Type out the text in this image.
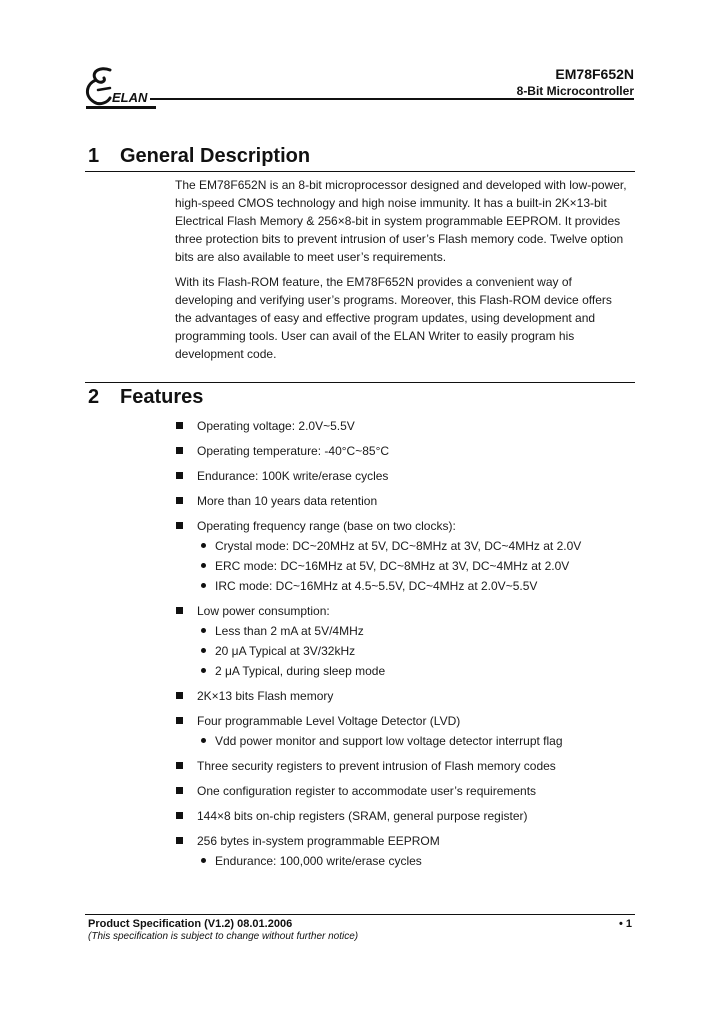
ELAN
EM78F652N
8-Bit Microcontroller
1 General Description
The EM78F652N is an 8-bit microprocessor designed and developed with low-power,
high-speed CMOS technology and high noise immunity. It has a built-in 2K×13-bit
Electrical Flash Memory & 256×8-bit in system programmable EEPROM. It provides
three protection bits to prevent intrusion of user’s Flash memory code. Twelve option
bits are also available to meet user’s requirements.
With its Flash-ROM feature, the EM78F652N provides a convenient way of
developing and verifying user’s programs. Moreover, this Flash-ROM device offers
the advantages of easy and effective program updates, using development and
programming tools. User can avail of the ELAN Writer to easily program his
development code.
2 Features
Operating voltage: 2.0V~5.5V
Operating temperature: -40°C~85°C
Endurance: 100K write/erase cycles
More than 10 years data retention
Operating frequency range (base on two clocks):
Crystal mode: DC~20MHz at 5V, DC~8MHz at 3V, DC~4MHz at 2.0V
ERC mode: DC~16MHz at 5V, DC~8MHz at 3V, DC~4MHz at 2.0V
IRC mode: DC~16MHz at 4.5~5.5V, DC~4MHz at 2.0V~5.5V
Low power consumption:
Less than 2 mA at 5V/4MHz
20 μA Typical at 3V/32kHz
2 μA Typical, during sleep mode
2K×13 bits Flash memory
Four programmable Level Voltage Detector (LVD)
Vdd power monitor and support low voltage detector interrupt flag
Three security registers to prevent intrusion of Flash memory codes
One configuration register to accommodate user’s requirements
144×8 bits on-chip registers (SRAM, general purpose register)
256 bytes in-system programmable EEPROM
Endurance: 100,000 write/erase cycles
Product Specification (V1.2) 08.01.2006
(This specification is subject to change without further notice)
• 1
